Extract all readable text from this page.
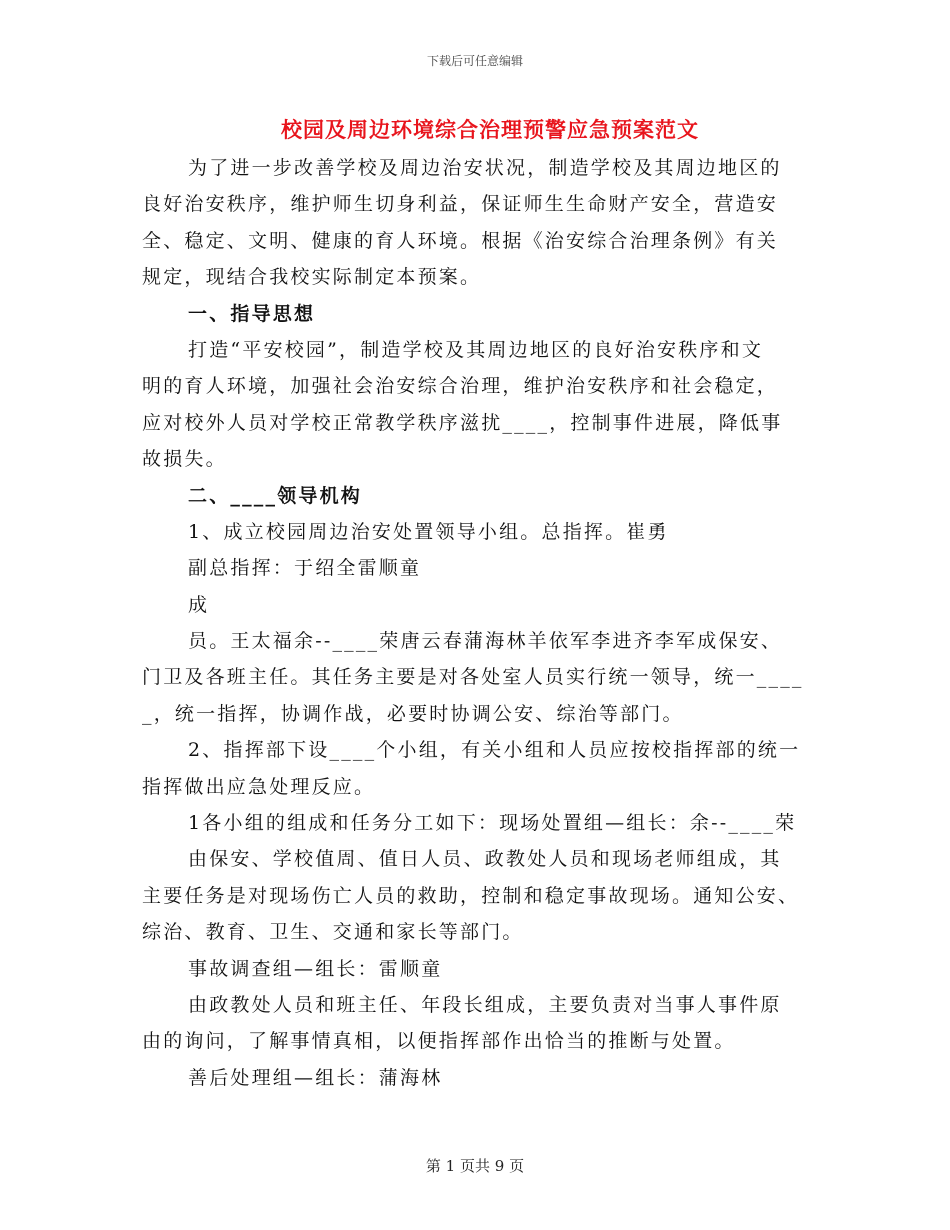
下载后可任意编辑
校园及周边环境综合治理预警应急预案范文
为了进一步改善学校及周边治安状况，制造学校及其周边地区的
良好治安秩序，维护师生切身利益，保证师生生命财产安全，营造安
全、稳定、文明、健康的育人环境。根据《治安综合治理条例》有关
规定，现结合我校实际制定本预案。
一、指导思想
打造“平安校园”，制造学校及其周边地区的良好治安秩序和文
明的育人环境，加强社会治安综合治理，维护治安秩序和社会稳定，
应对校外人员对学校正常教学秩序滋扰____，控制事件进展，降低事
故损失。
二、____领导机构
1、成立校园周边治安处置领导小组。总指挥。崔勇
副总指挥：于绍全雷顺童
成
员。王太福余--____荣唐云春蒲海林羊依军李进齐李军成保安、
门卫及各班主任。其任务主要是对各处室人员实行统一领导，统一____
_，统一指挥，协调作战，必要时协调公安、综治等部门。
2、指挥部下设____个小组，有关小组和人员应按校指挥部的统一
指挥做出应急处理反应。
1各小组的组成和任务分工如下：现场处置组—组长：余--____荣
由保安、学校值周、值日人员、政教处人员和现场老师组成，其
主要任务是对现场伤亡人员的救助，控制和稳定事故现场。通知公安、
综治、教育、卫生、交通和家长等部门。
事故调查组—组长：雷顺童
由政教处人员和班主任、年段长组成，主要负责对当事人事件原
由的询问，了解事情真相，以便指挥部作出恰当的推断与处置。
善后处理组—组长：蒲海林
第 1 页共 9 页
